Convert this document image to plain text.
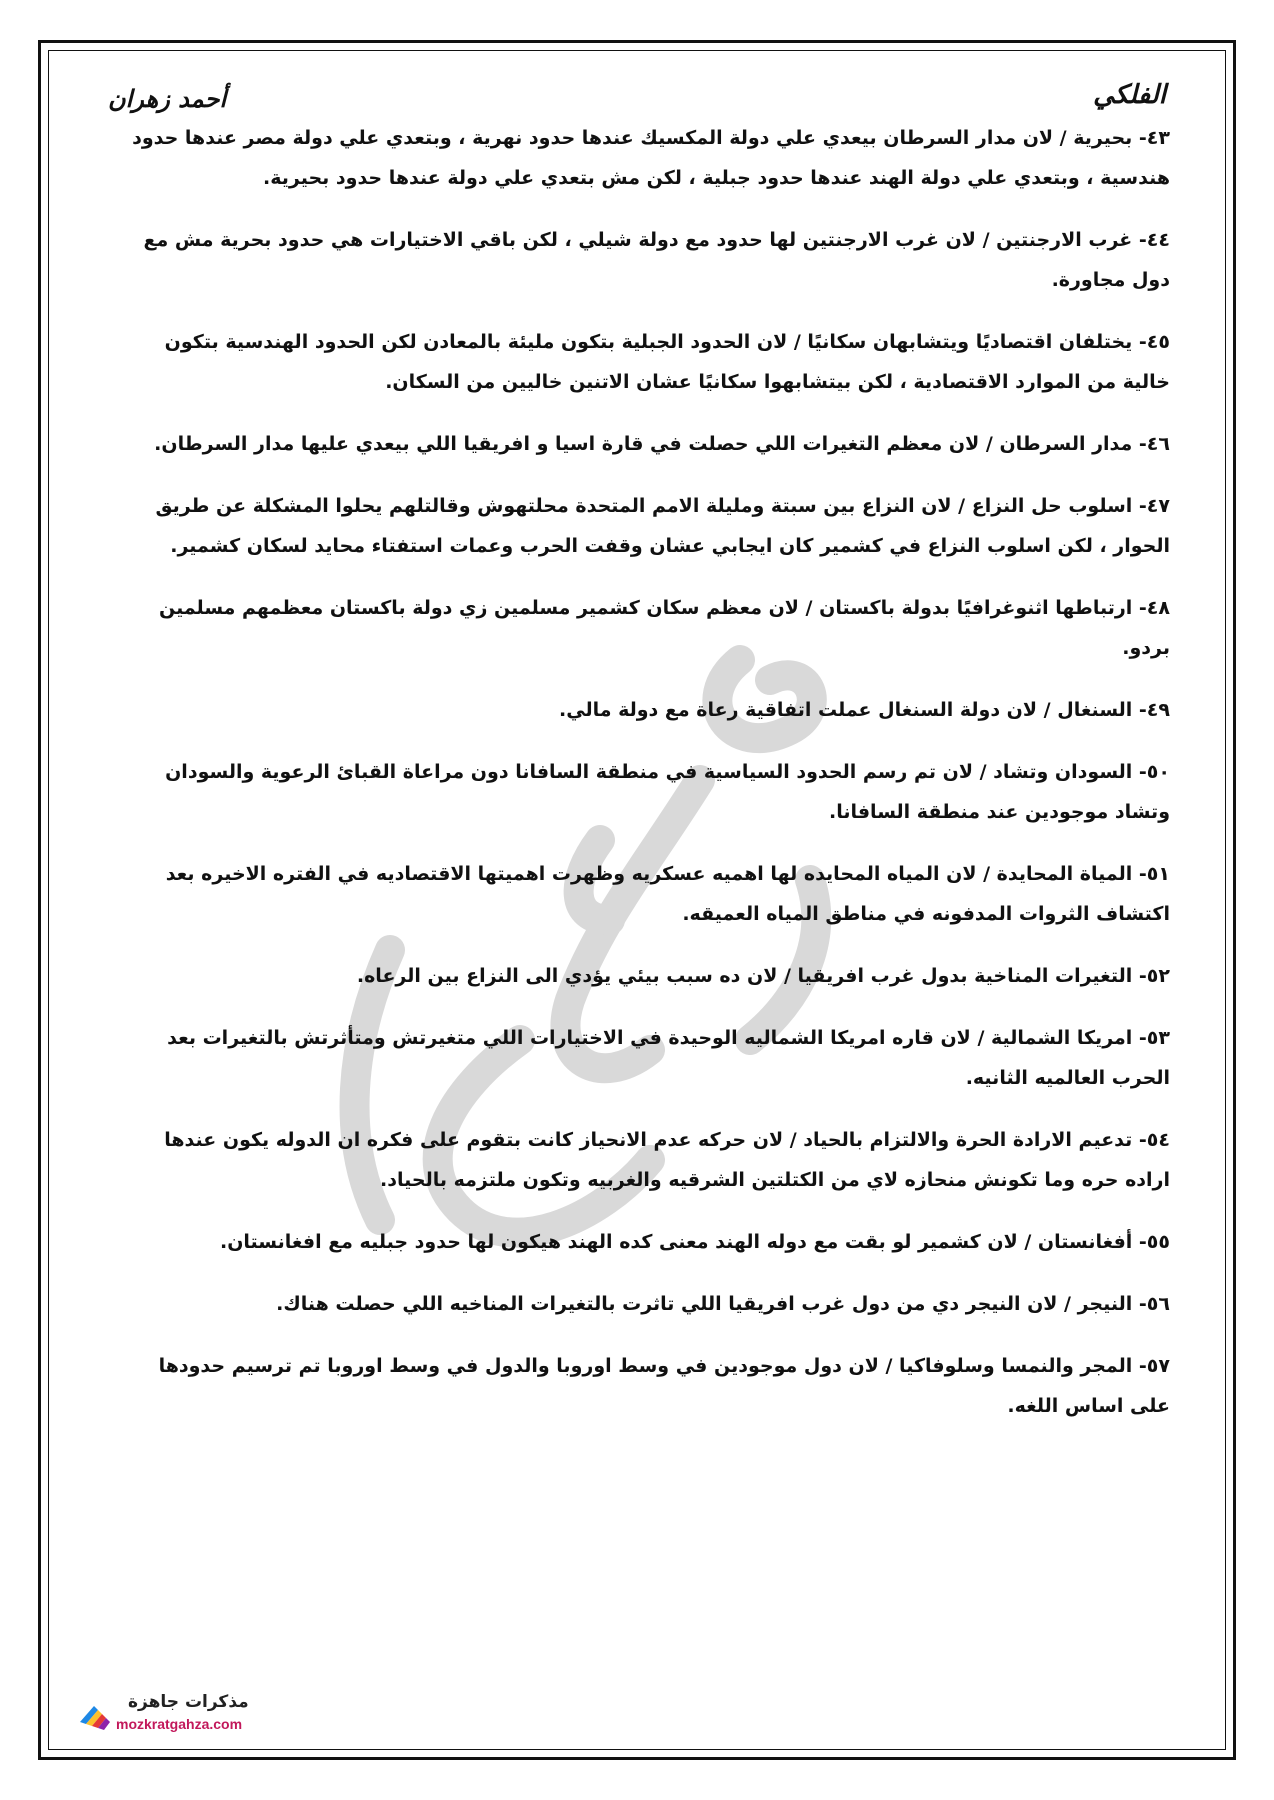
أحمد زهران	الفلكي

٤٣- بحيرية / لان مدار السرطان بيعدي علي دولة المكسيك عندها حدود نهرية ، وبتعدي علي دولة مصر عندها حدود هندسية ، وبتعدي علي دولة الهند عندها حدود جبلية ، لكن مش بتعدي علي دولة عندها حدود بحيرية.

٤٤- غرب الارجنتين / لان غرب الارجنتين لها حدود مع دولة شيلي ، لكن باقي الاختيارات هي حدود بحرية مش مع دول مجاورة.

٤٥- يختلفان اقتصاديًا ويتشابهان سكانيًا / لان الحدود الجبلية بتكون مليئة بالمعادن لكن الحدود الهندسية بتكون خالية من الموارد الاقتصادية ، لكن بيتشابهوا سكانيًا عشان الاتنين خاليين من السكان.

٤٦- مدار السرطان / لان معظم التغيرات اللي حصلت في قارة اسيا و افريقيا اللي بيعدي عليها مدار السرطان.

٤٧- اسلوب حل النزاع / لان النزاع بين سبتة ومليلة الامم المتحدة محلتهوش وقالتلهم يحلوا المشكلة عن طريق الحوار ، لكن اسلوب النزاع في كشمير كان ايجابي عشان وقفت الحرب وعمات استفتاء محايد لسكان كشمير.

٤٨- ارتباطها اثنوغرافيًا بدولة باكستان / لان معظم سكان كشمير مسلمين زي دولة باكستان معظمهم مسلمين بردو.

٤٩- السنغال / لان دولة السنغال عملت اتفاقية رعاة مع دولة مالي.

٥٠- السودان وتشاد / لان تم رسم الحدود السياسية في منطقة السافانا دون مراعاة القبائ الرعوية والسودان وتشاد موجودين عند منطقة السافانا.

٥١- المياة المحايدة / لان المياه المحايده لها اهميه عسكريه وظهرت اهميتها الاقتصاديه في الفتره الاخيره بعد اكتشاف الثروات المدفونه في مناطق المياه العميقه.

٥٢- التغيرات المناخية بدول غرب افريقيا / لان ده سبب بيئي يؤدي الى النزاع بين الرعاه.

٥٣- امريكا الشمالية / لان قاره امريكا الشماليه الوحيدة في الاختيارات اللي متغيرتش ومتأثرتش بالتغيرات بعد الحرب العالميه الثانيه.

٥٤- تدعيم الارادة الحرة والالتزام بالحياد / لان حركه عدم الانحياز كانت بتقوم على فكره ان الدوله يكون عندها اراده حره وما تكونش منحازه لاي من الكتلتين الشرقيه والغربيه وتكون ملتزمه بالحياد.

٥٥- أفغانستان / لان كشمير لو بقت مع دوله الهند معنى كده الهند هيكون لها حدود جبليه مع افغانستان.

٥٦- النيجر / لان النيجر دي من دول غرب افريقيا اللي تاثرت بالتغيرات المناخيه اللي حصلت هناك.

٥٧- المجر والنمسا وسلوفاكيا / لان دول موجودين في وسط اوروبا والدول في وسط اوروبا تم ترسيم حدودها على اساس اللغه.

مذكرات جاهزة
mozkratgahza.com
